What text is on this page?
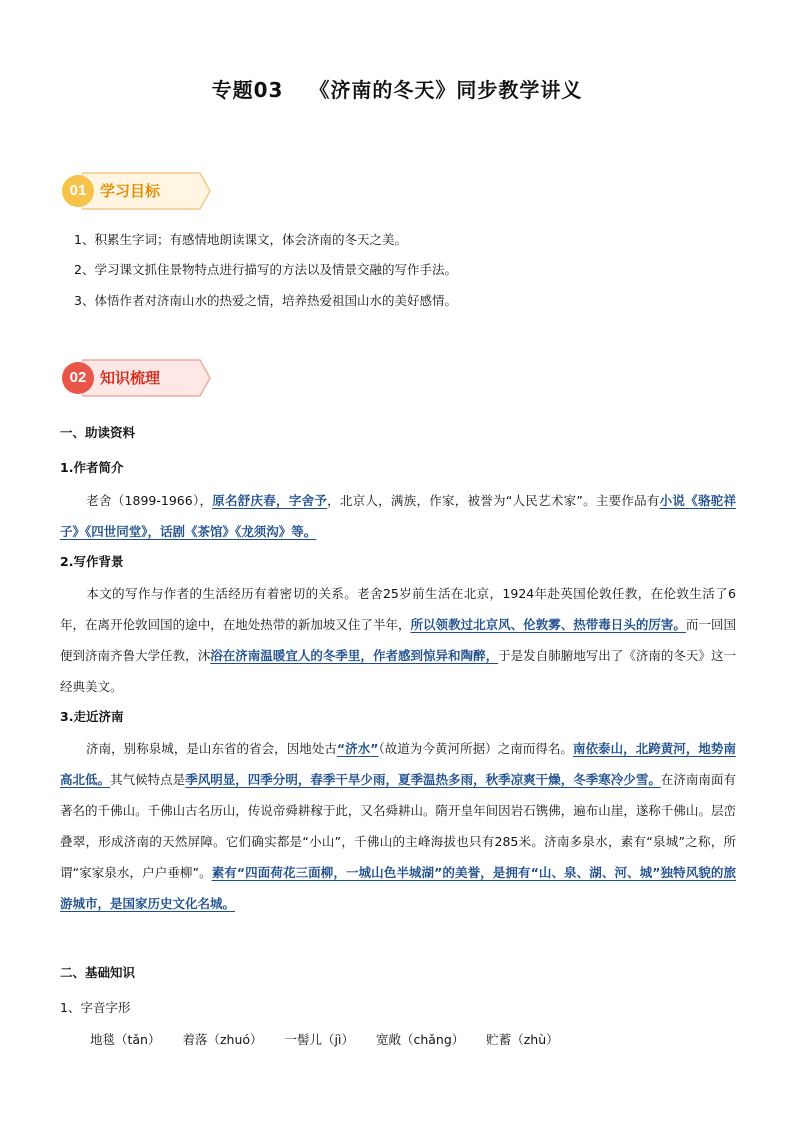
专题03 《济南的冬天》同步教学讲义
01 学习目标
1、积累生字词；有感情地朗读课文，体会济南的冬天之美。
2、学习课文抓住景物特点进行描写的方法以及情景交融的写作手法。
3、体悟作者对济南山水的热爱之情，培养热爱祖国山水的美好感情。
02 知识梳理
一、助读资料
1.作者简介
老舍（1899-1966），原名舒庆春，字舍予，北京人，满族，作家，被誉为“人民艺术家”。主要作品有小说《骆驼祥子》《四世同堂》，话剧《茶馆》《龙须沟》等。
2.写作背景
本文的写作与作者的生活经历有着密切的关系。老舍25岁前生活在北京，1924年赴英国伦敦任教，在伦敦生活了6年，在离开伦敦回国的途中，在地处热带的新加坡又住了半年，所以领教过北京风、伦敦雾、热带毒日头的厉害。而一回国便到济南齐鲁大学任教，沐浴在济南温暖宜人的冬季里，作者感到惊异和陶醉，于是发自肺腑地写出了《济南的冬天》这一经典美文。
3.走近济南
济南，别称泉城，是山东省的省会，因地处古“济水”（故道为今黄河所据）之南而得名。南依泰山，北跨黄河，地势南高北低。其气候特点是季风明显，四季分明，春季干旱少雨，夏季温热多雨，秋季凉爽干燥，冬季寒冷少雪。在济南南面有著名的千佛山。千佛山古名历山，传说帝舜耕稼于此，又名舜耕山。隋开皇年间因岩石镌佛，遍布山崖，遂称千佛山。层峦叠翠，形成济南的天然屏障。它们确实都是“小山”，千佛山的主峰海拔也只有285米。济南多泉水，素有“泉城”之称，所谓“家家泉水，户户垂柳”。素有“四面荷花三面柳，一城山色半城湖”的美誉，是拥有“山、泉、湖、河、城”独特风貌的旅游城市，是国家历史文化名城。
二、基础知识
1、字音字形
地毯（tǎn） 着落（zhuó） 一髻儿（jì） 宽敞（chǎng） 贮蓄（zhù）
